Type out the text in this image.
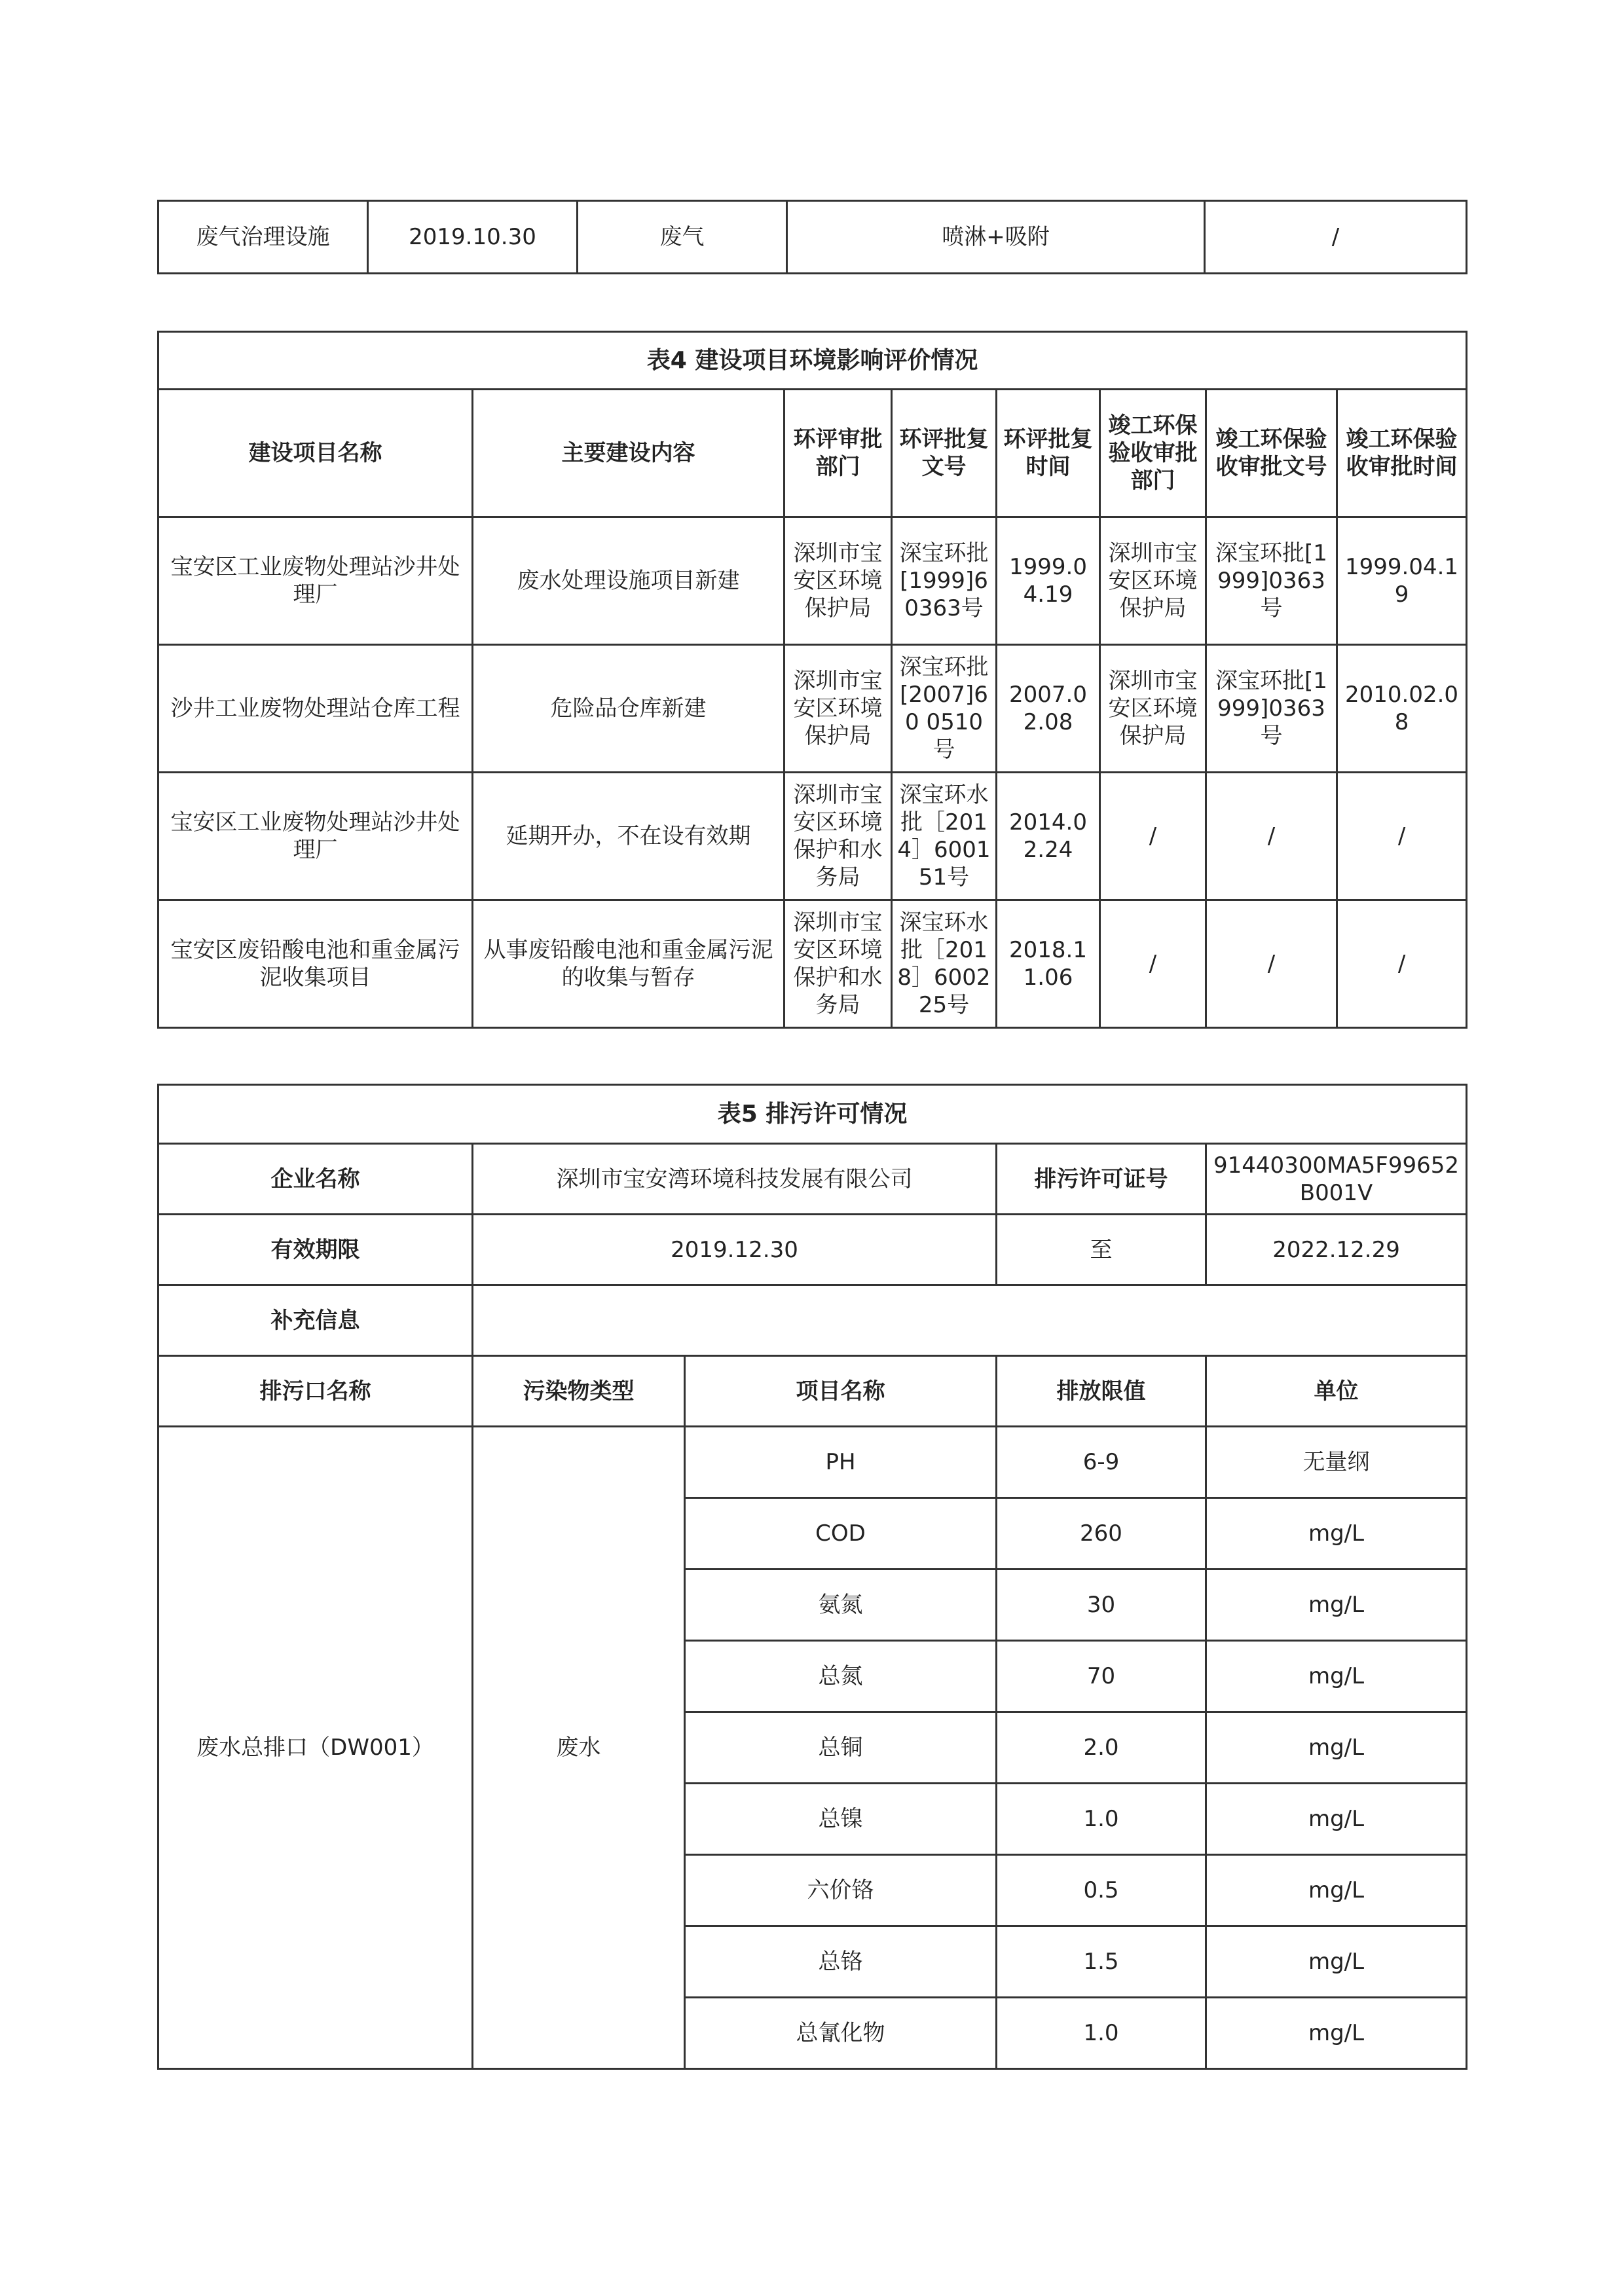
废气治理设施	2019.10.30	废气	喷淋+吸附	/
表4 建设项目环境影响评价情况							
建设项目名称	主要建设内容	环评审批部门	环评批复文号	环评批复时间	竣工环保验收审批部门	竣工环保验收审批文号	竣工环保验收审批时间
宝安区工业废物处理站沙井处理厂	废水处理设施项目新建	深圳市宝安区环境保护局	深宝环批[1999]60363号	1999.04.19	深圳市宝安区环境保护局	深宝环批[1999]0363号	1999.04.19
沙井工业废物处理站仓库工程	危险品仓库新建	深圳市宝安区环境保护局	深宝环批[2007]60 0510号	2007.02.08	深圳市宝安区环境保护局	深宝环批[1999]0363号	2010.02.08
宝安区工业废物处理站沙井处理厂	延期开办，不在设有效期	深圳市宝安区环境保护和水务局	深宝环水批［2014］600151号	2014.02.24	/	/	/
宝安区废铅酸电池和重金属污泥收集项目	从事废铅酸电池和重金属污泥的收集与暂存	深圳市宝安区环境保护和水务局	深宝环水批［2018］600225号	2018.11.06	/	/	/
表5 排污许可情况				
企业名称	深圳市宝安湾环境科技发展有限公司		排污许可证号	91440300MA5F99652B001V
有效期限	2019.12.30		至	2022.12.29
补充信息				
排污口名称	污染物类型	项目名称	排放限值	单位
废水总排口（DW001）	废水	PH	6-9	无量纲
		COD	260	mg/L
		氨氮	30	mg/L
		总氮	70	mg/L
		总铜	2.0	mg/L
		总镍	1.0	mg/L
		六价铬	0.5	mg/L
		总铬	1.5	mg/L
		总氰化物	1.0	mg/L
